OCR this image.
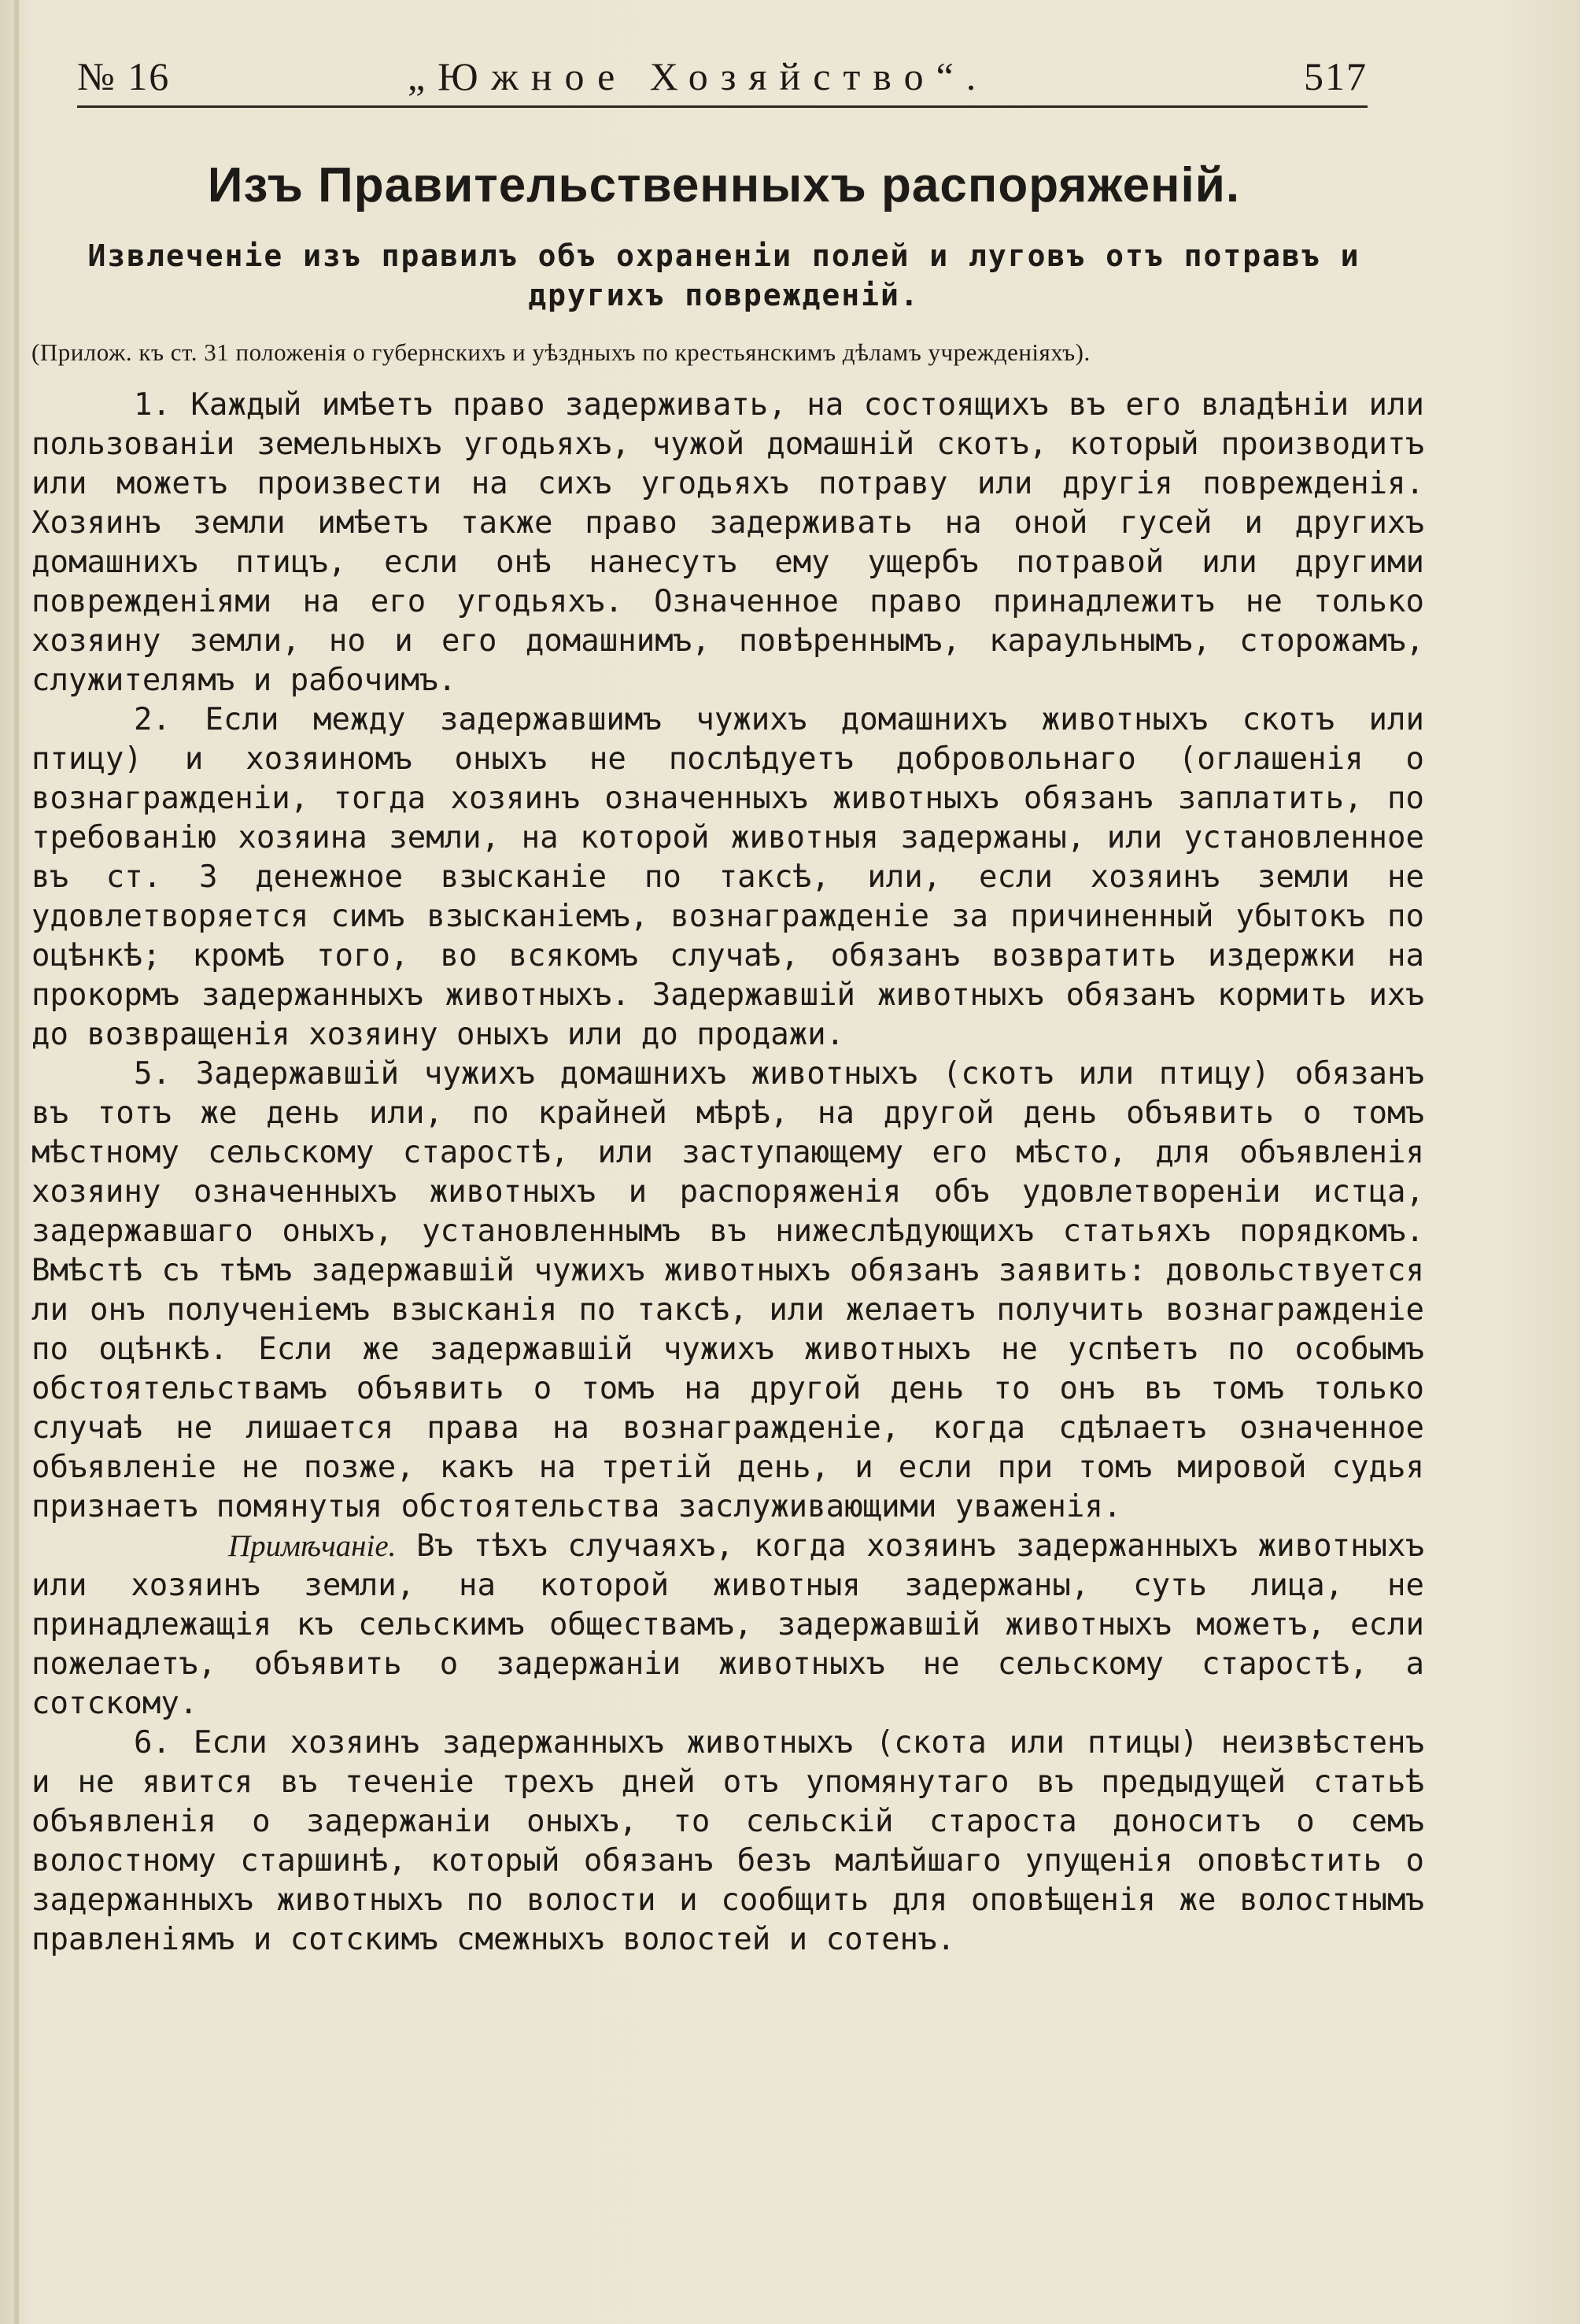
№ 16	„Южное Хозяйство“.	517
Изъ Правительственныхъ распоряженій.
Извлеченіе изъ правилъ объ охраненіи полей и луговъ отъ потравъ и другихъ поврежденій.
(Прилож. къ ст. 31 положенія о губернскихъ и уѣздныхъ по крестьянскимъ дѣламъ учрежденіяхъ).

1. Каждый имѣетъ право задерживать, на состоящихъ въ его владѣніи или пользованіи земельныхъ угодьяхъ, чужой домашній скотъ, который производитъ или можетъ произвести на сихъ угодьяхъ потраву или другія поврежденія. Хозяинъ земли имѣетъ также право задерживать на оной гусей и другихъ домашнихъ птицъ, если онѣ нанесутъ ему ущербъ потравой или другими поврежденіями на его угодьяхъ. Означенное право принадлежитъ не только хозяину земли, но и его домашнимъ, повѣреннымъ, караульнымъ, сторожамъ, служителямъ и рабочимъ.

2. Если между задержавшимъ чужихъ домашнихъ животныхъ скотъ или птицу) и хозяиномъ оныхъ не послѣдуетъ добровольнаго (оглашенія о вознагражденіи, тогда хозяинъ означенныхъ животныхъ обязанъ заплатить, по требованію хозяина земли, на которой животныя задержаны, или установленное въ ст. 3 денежное взысканіе по таксѣ, или, если хозяинъ земли не удовлетворяется симъ взысканіемъ, вознагражденіе за причиненный убытокъ по оцѣнкѣ; кромѣ того, во всякомъ случаѣ, обязанъ возвратить издержки на прокормъ задержанныхъ животныхъ. Задержавшій животныхъ обязанъ кормить ихъ до возвращенія хозяину оныхъ или до продажи.

5. Задержавшій чужихъ домашнихъ животныхъ (скотъ или птицу) обязанъ въ тотъ же день или, по крайней мѣрѣ, на другой день объявить о томъ мѣстному сельскому старостѣ, или заступающему его мѣсто, для объявленія хозяину означенныхъ животныхъ и распоряженія объ удовлетвореніи истца, задержавшаго оныхъ, установленнымъ въ нижеслѣдующихъ статьяхъ порядкомъ. Вмѣстѣ съ тѣмъ задержавшій чужихъ животныхъ обязанъ заявить: довольствуется ли онъ полученіемъ взысканія по таксѣ, или желаетъ получить вознагражденіе по оцѣнкѣ. Если же задержавшій чужихъ животныхъ не успѣетъ по особымъ обстоятельствамъ объявить о томъ на другой день то онъ въ томъ только случаѣ не лишается права на вознагражденіе, когда сдѣлаетъ означенное объявленіе не позже, какъ на третій день, и если при томъ мировой судья признаетъ помянутыя обстоятельства заслуживающими уваженія.

Примѣчаніе. Въ тѣхъ случаяхъ, когда хозяинъ задержанныхъ животныхъ или хозяинъ земли, на которой животныя задержаны, суть лица, не принадлежащія къ сельскимъ обществамъ, задержавшій животныхъ можетъ, если пожелаетъ, объявить о задержаніи животныхъ не сельскому старостѣ, а сотскому.

6. Если хозяинъ задержанныхъ животныхъ (скота или птицы) неизвѣстенъ и не явится въ теченіе трехъ дней отъ упомянутаго въ предыдущей статьѣ объявленія о задержаніи оныхъ, то сельскій староста доноситъ о семъ волостному старшинѣ, который обязанъ безъ малѣйшаго упущенія оповѣстить о задержанныхъ животныхъ по волости и сообщить для оповѣщенія же волостнымъ правленіямъ и сотскимъ смежныхъ волостей и сотенъ.
